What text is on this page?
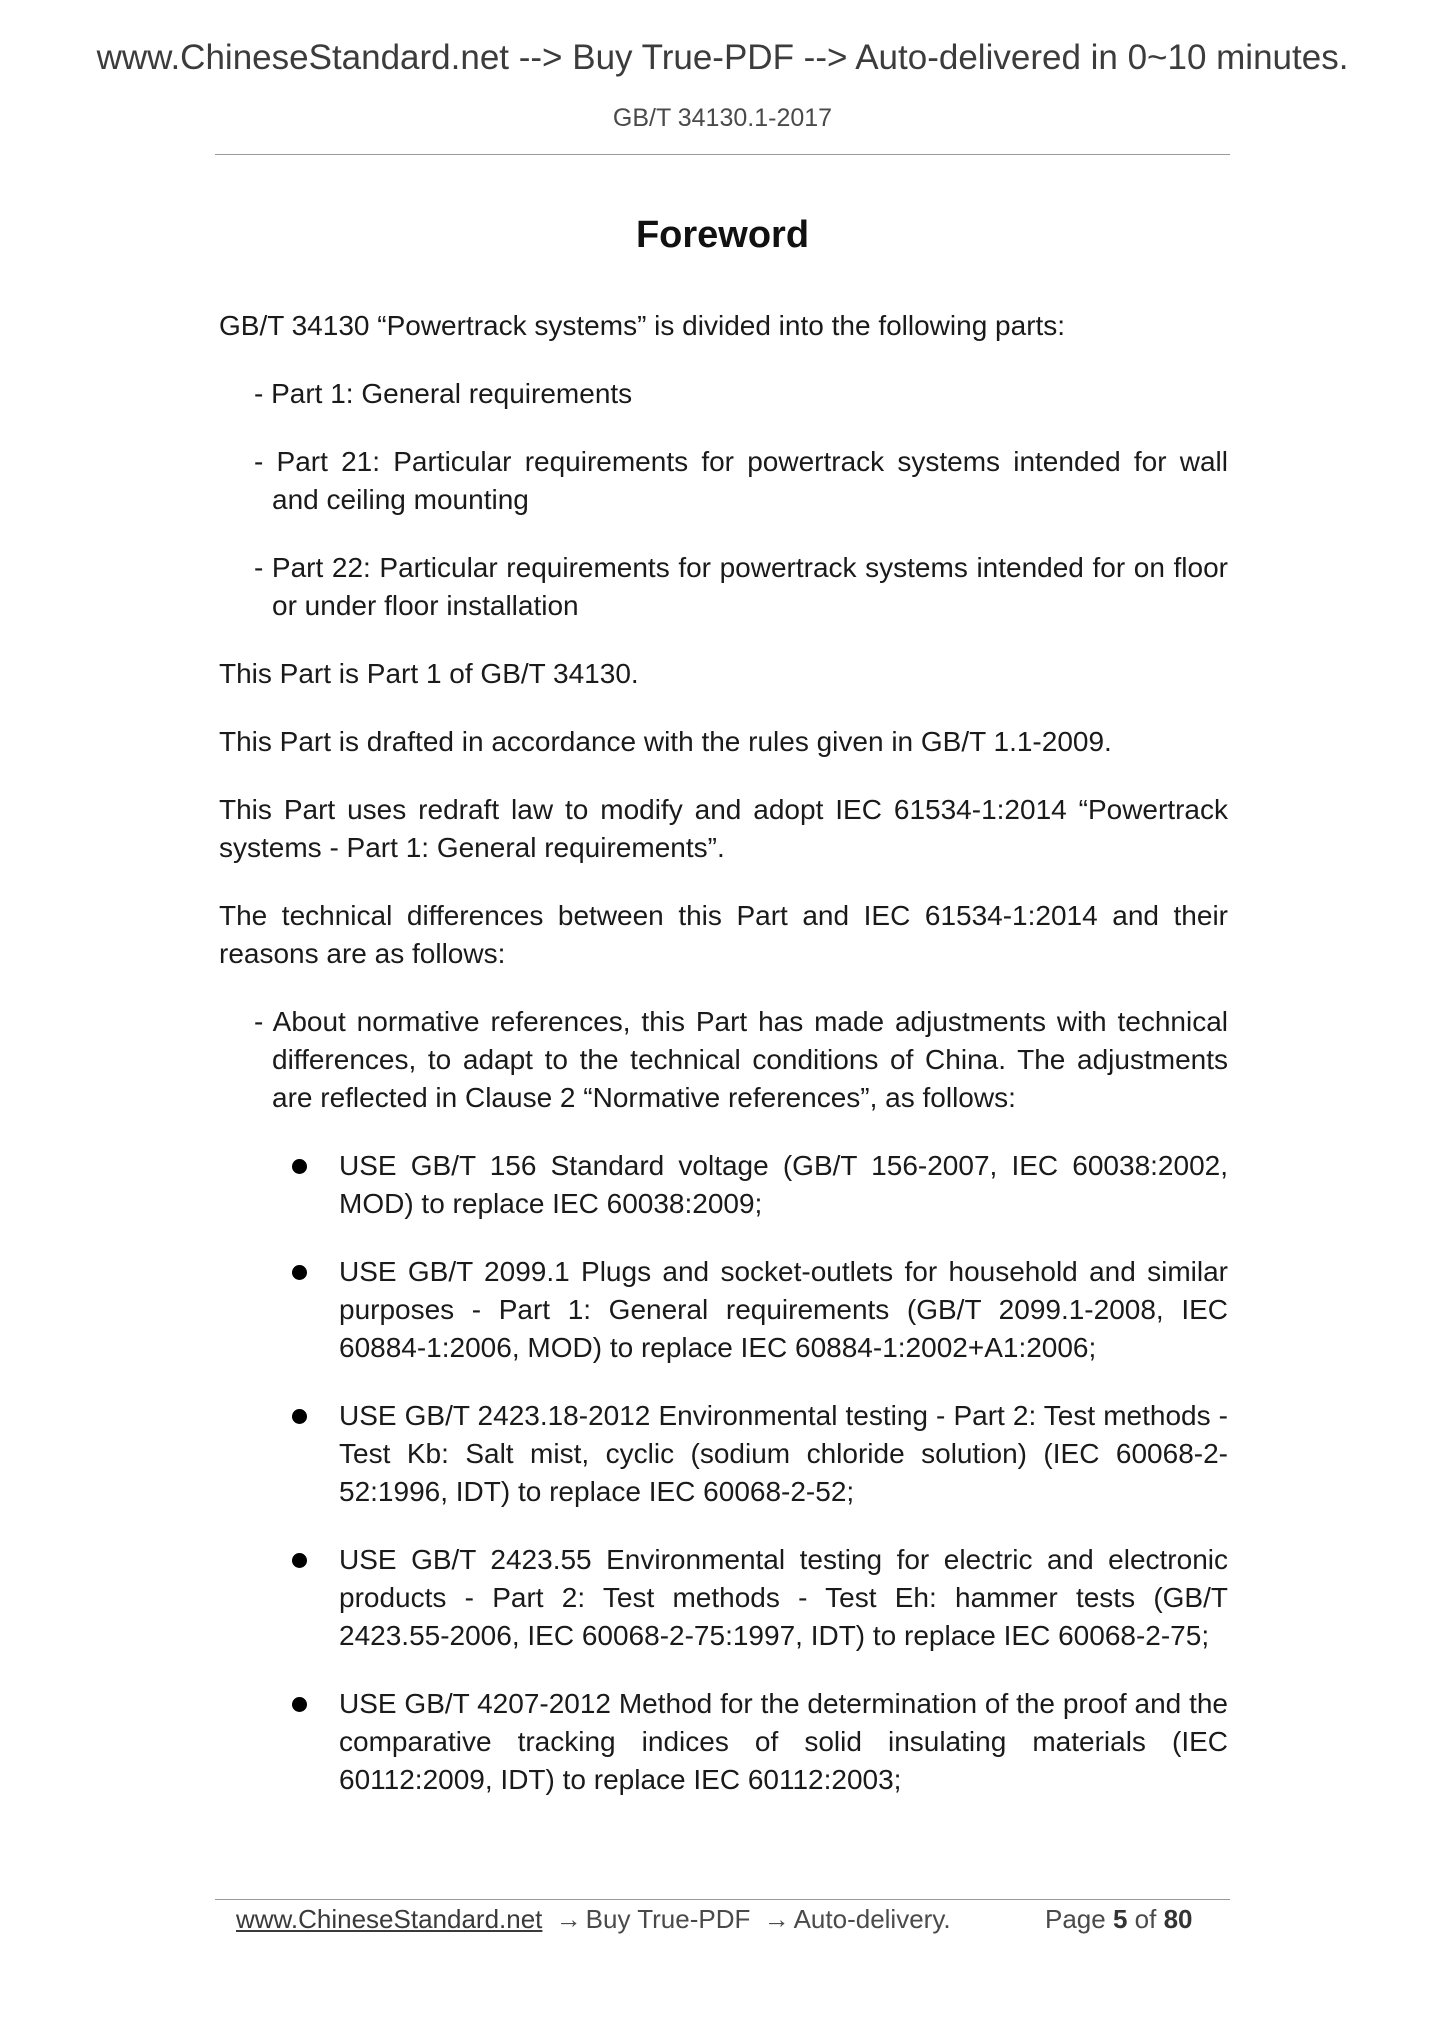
www.ChineseStandard.net --> Buy True-PDF --> Auto-delivered in 0~10 minutes.
GB/T 34130.1-2017
Foreword

GB/T 34130 “Powertrack systems” is divided into the following parts:

- Part 1: General requirements

- Part 21: Particular requirements for powertrack systems intended for wall and ceiling mounting

- Part 22: Particular requirements for powertrack systems intended for on floor or under floor installation

This Part is Part 1 of GB/T 34130.

This Part is drafted in accordance with the rules given in GB/T 1.1-2009.

This Part uses redraft law to modify and adopt IEC 61534-1:2014 “Powertrack systems - Part 1: General requirements”.

The technical differences between this Part and IEC 61534-1:2014 and their reasons are as follows:

- About normative references, this Part has made adjustments with technical differences, to adapt to the technical conditions of China. The adjustments are reflected in Clause 2 “Normative references”, as follows:

USE GB/T 156 Standard voltage (GB/T 156-2007, IEC 60038:2002, MOD) to replace IEC 60038:2009;
USE GB/T 2099.1 Plugs and socket-outlets for household and similar purposes - Part 1: General requirements (GB/T 2099.1-2008, IEC 60884-1:2006, MOD) to replace IEC 60884-1:2002+A1:2006;
USE GB/T 2423.18-2012 Environmental testing - Part 2: Test methods - Test Kb: Salt mist, cyclic (sodium chloride solution) (IEC 60068-2-52:1996, IDT) to replace IEC 60068-2-52;
USE GB/T 2423.55 Environmental testing for electric and electronic products - Part 2: Test methods - Test Eh: hammer tests (GB/T 2423.55-2006, IEC 60068-2-75:1997, IDT) to replace IEC 60068-2-75;
USE GB/T 4207-2012 Method for the determination of the proof and the comparative tracking indices of solid insulating materials (IEC 60112:2009, IDT) to replace IEC 60112:2003;
www.ChineseStandard.net → Buy True-PDF → Auto-delivery.	Page 5 of 80
